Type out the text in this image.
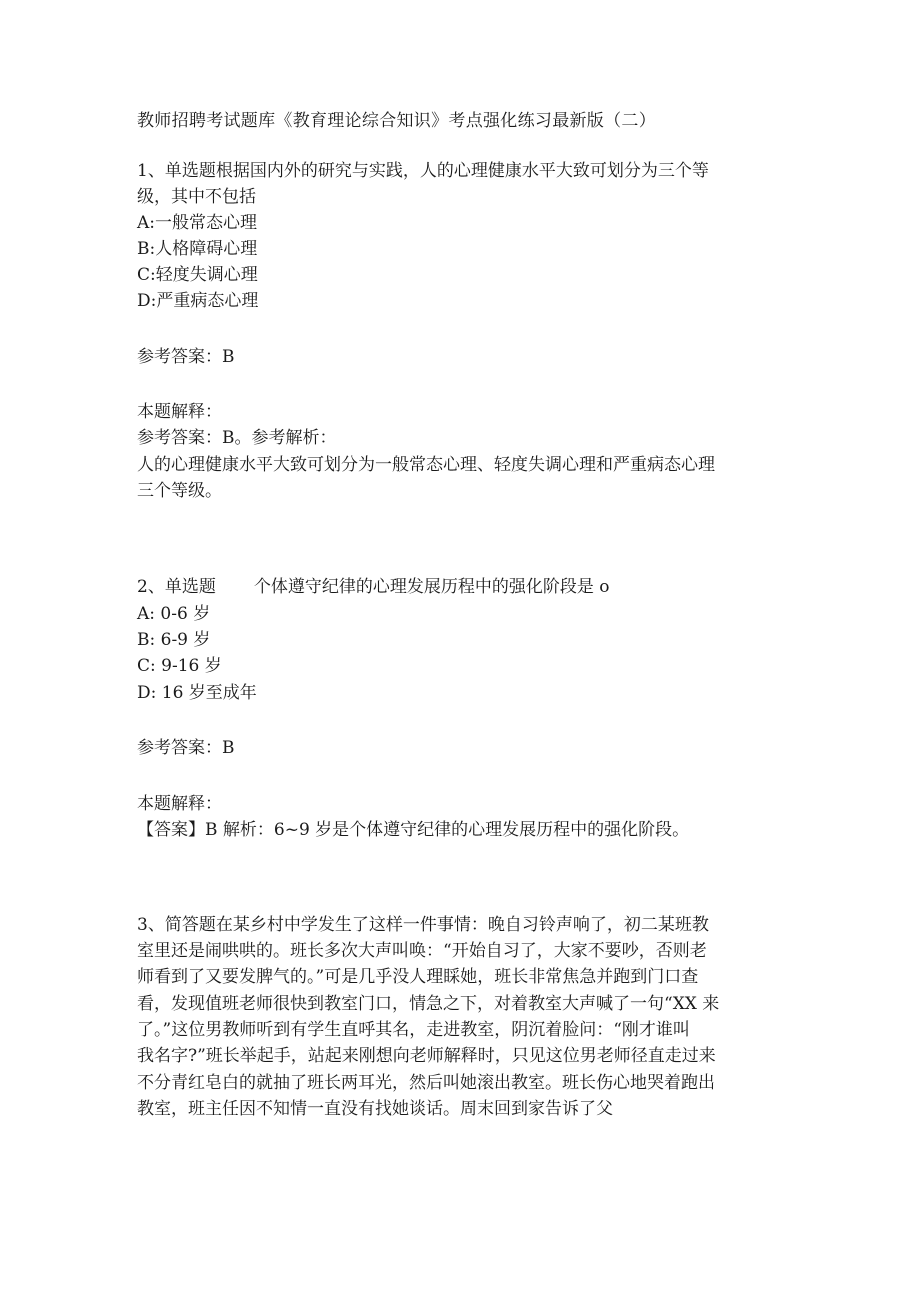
教师招聘考试题库《教育理论综合知识》考点强化练习最新版（二）
1、单选题根据国内外的研究与实践，人的心理健康水平大致可划分为三个等
级，其中不包括
A:一般常态心理
B:人格障碍心理
C:轻度失调心理
D:严重病态心理
参考答案：B
本题解释：
参考答案：B。参考解析：
人的心理健康水平大致可划分为一般常态心理、轻度失调心理和严重病态心理
三个等级。
2、单选题 个体遵守纪律的心理发展历程中的强化阶段是 o
A: 0-6 岁
B: 6-9 岁
C: 9-16 岁
D: 16 岁至成年
参考答案：B
本题解释：
【答案】B 解析：6~9 岁是个体遵守纪律的心理发展历程中的强化阶段。
3、简答题在某乡村中学发生了这样一件事情：晚自习铃声响了，初二某班教
室里还是闹哄哄的。班长多次大声叫唤：“开始自习了，大家不要吵，否则老
师看到了又要发脾气的。”可是几乎没人理睬她，班长非常焦急并跑到门口查
看，发现值班老师很快到教室门口，情急之下，对着教室大声喊了一句“XX 来
了。”这位男教师听到有学生直呼其名，走进教室，阴沉着脸问：“刚才谁叫
我名字?”班长举起手，站起来刚想向老师解释时，只见这位男老师径直走过来
不分青红皂白的就抽了班长两耳光，然后叫她滚出教室。班长伤心地哭着跑出
教室，班主任因不知情一直没有找她谈话。周末回到家告诉了父
